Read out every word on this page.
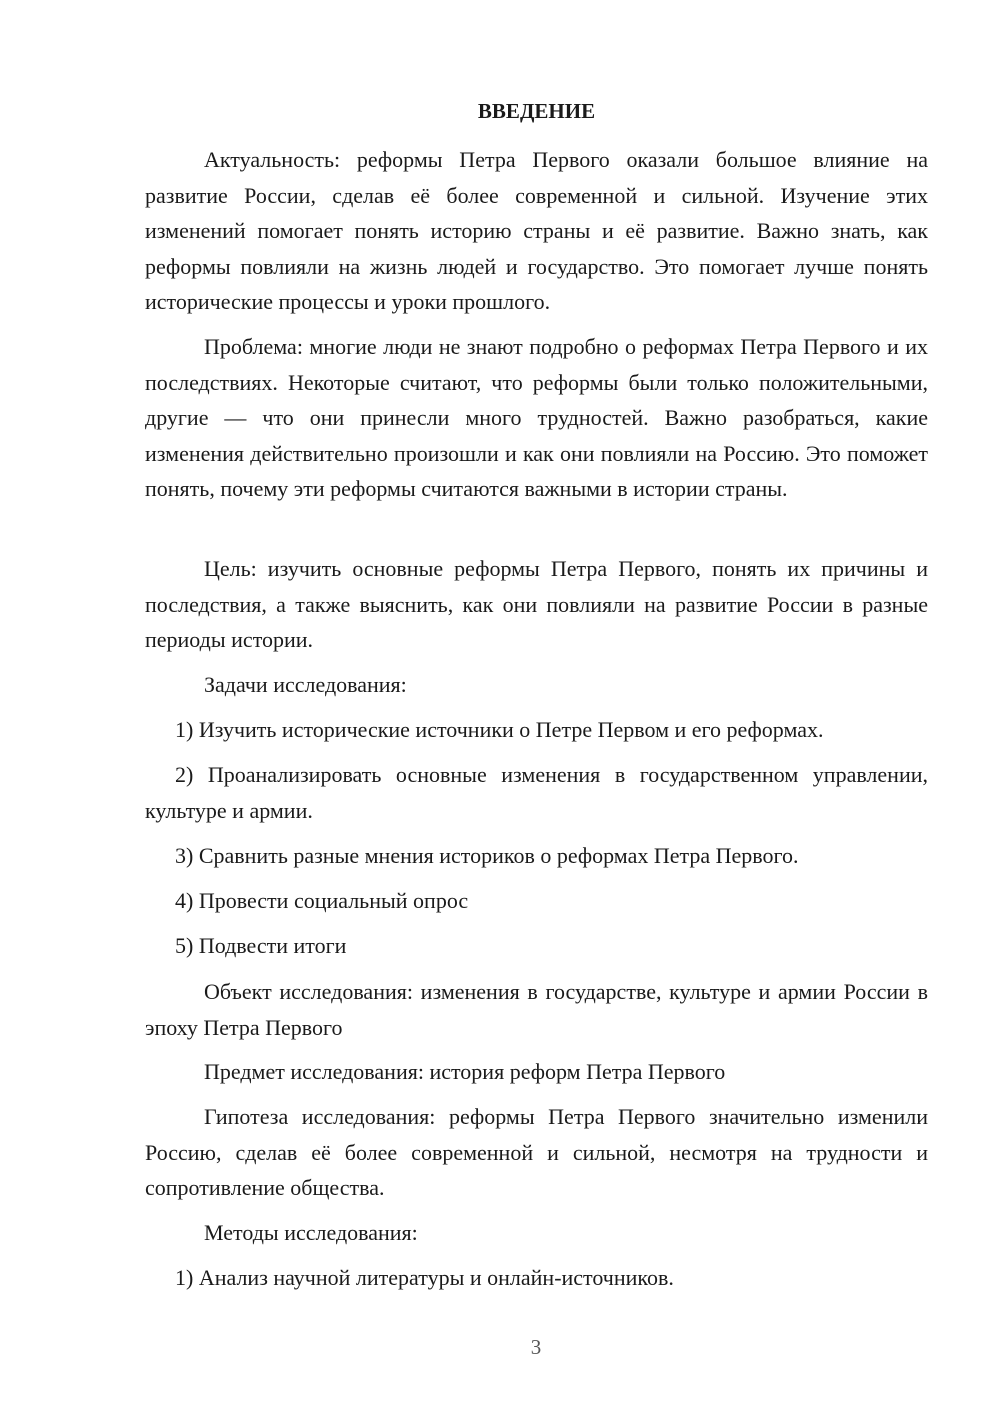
ВВЕДЕНИЕ

Актуальность: реформы Петра Первого оказали большое влияние на развитие России, сделав её более современной и сильной. Изучение этих изменений помогает понять историю страны и её развитие. Важно знать, как реформы повлияли на жизнь людей и государство. Это помогает лучше понять исторические процессы и уроки прошлого.

Проблема: многие люди не знают подробно о реформах Петра Первого и их последствиях. Некоторые считают, что реформы были только положительными, другие — что они принесли много трудностей. Важно разобраться, какие изменения действительно произошли и как они повлияли на Россию. Это поможет понять, почему эти реформы считаются важными в истории страны.

Цель: изучить основные реформы Петра Первого, понять их причины и последствия, а также выяснить, как они повлияли на развитие России в разные периоды истории.

Задачи исследования:

1) Изучить исторические источники о Петре Первом и его реформах.

2) Проанализировать основные изменения в государственном управлении, культуре и армии.

3) Сравнить разные мнения историков о реформах Петра Первого.

4) Провести социальный опрос

5) Подвести итоги

Объект исследования: изменения в государстве, культуре и армии России в эпоху Петра Первого

Предмет исследования: история реформ Петра Первого

Гипотеза исследования: реформы Петра Первого значительно изменили Россию, сделав её более современной и сильной, несмотря на трудности и сопротивление общества.

Методы исследования:

1) Анализ научной литературы и онлайн-источников.

3
